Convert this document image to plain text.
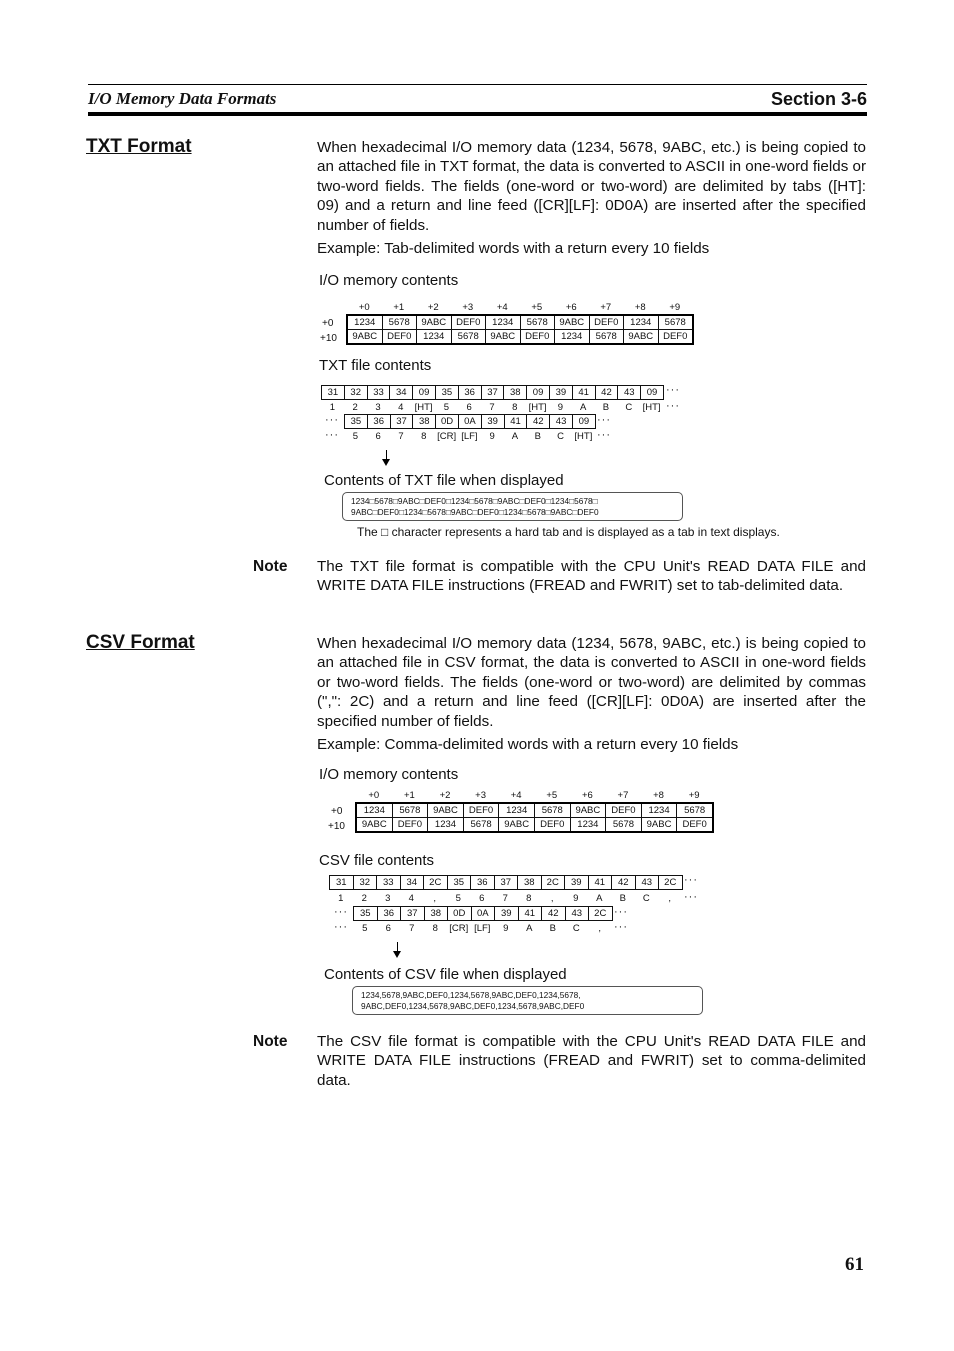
I/O Memory Data Formats	Section 3-6
TXT Format	When hexadecimal I/O memory data (1234, 5678, 9ABC, etc.) is being copied to an attached file in TXT format, the data is converted to ASCII in one-word fields or two-word fields. The fields (one-word or two-word) are delimited by tabs ([HT]: 09) and a return and line feed ([CR][LF]: 0D0A) are inserted after the specified number of fields.
Example: Tab-delimited words with a return every 10 fields
I/O memory contents
+0 +1 +2 +3 +4 +5 +6 +7 +8 +9
+0
+10
1234	5678	9ABC	DEF0	1234	5678	9ABC	DEF0	1234	5678
9ABC	DEF0	1234	5678	9ABC	DEF0	1234	5678	9ABC	DEF0
TXT file contents
31	32	33	34	09	35	36	37	38	09	39	41	42	43	09 ···
1 2 3 4 [HT] 5 6 7 8 [HT] 9 A B C [HT] ···
··· 35	36	37	38	0D	0A	39	41	42	43	09 ···
···	5 6 7 8 [CR] [LF] 9 A B C [HT] ···
Contents of TXT file when displayed
1234□5678□9ABC□DEF0□1234□5678□9ABC□DEF0□1234□5678□
9ABC□DEF0□1234□5678□9ABC□DEF0□1234□5678□9ABC□DEF0
The □ character represents a hard tab and is displayed as a tab in text displays.
Note The TXT file format is compatible with the CPU Unit's READ DATA FILE and WRITE DATA FILE instructions (FREAD and FWRIT) set to tab-delimited data.
CSV Format	When hexadecimal I/O memory data (1234, 5678, 9ABC, etc.) is being copied to an attached file in CSV format, the data is converted to ASCII in one-word fields or two-word fields. The fields (one-word or two-word) are delimited by commas (",": 2C) and a return and line feed ([CR][LF]: 0D0A) are inserted after the specified number of fields.
Example: Comma-delimited words with a return every 10 fields
I/O memory contents
+0	+1	+2	+3	+4	+5	+6	+7	+8	+9
+0
+10
1234	5678	9ABC	DEF0	1234	5678	9ABC	DEF0	1234	5678
9ABC	DEF0	1234	5678	9ABC	DEF0	1234	5678	9ABC	DEF0
CSV file contents
31	32	33	34	2C	35	36	37	38	2C	39	41	42	43	2C ···
1 2 3 4 , 5 6 7 8 , 9 A B C ,	···
··· 35	36	37	38	0D	0A	39	41	42	43	2C ···
···	5 6 7 8 [CR] [LF] 9 A B C ,	···
Contents of CSV file when displayed
1234,5678,9ABC,DEF0,1234,5678,9ABC,DEF0,1234,5678,
9ABC,DEF0,1234,5678,9ABC,DEF0,1234,5678,9ABC,DEF0
Note The CSV file format is compatible with the CPU Unit's READ DATA FILE and WRITE DATA FILE instructions (FREAD and FWRIT) set to comma-delimited data.
61
